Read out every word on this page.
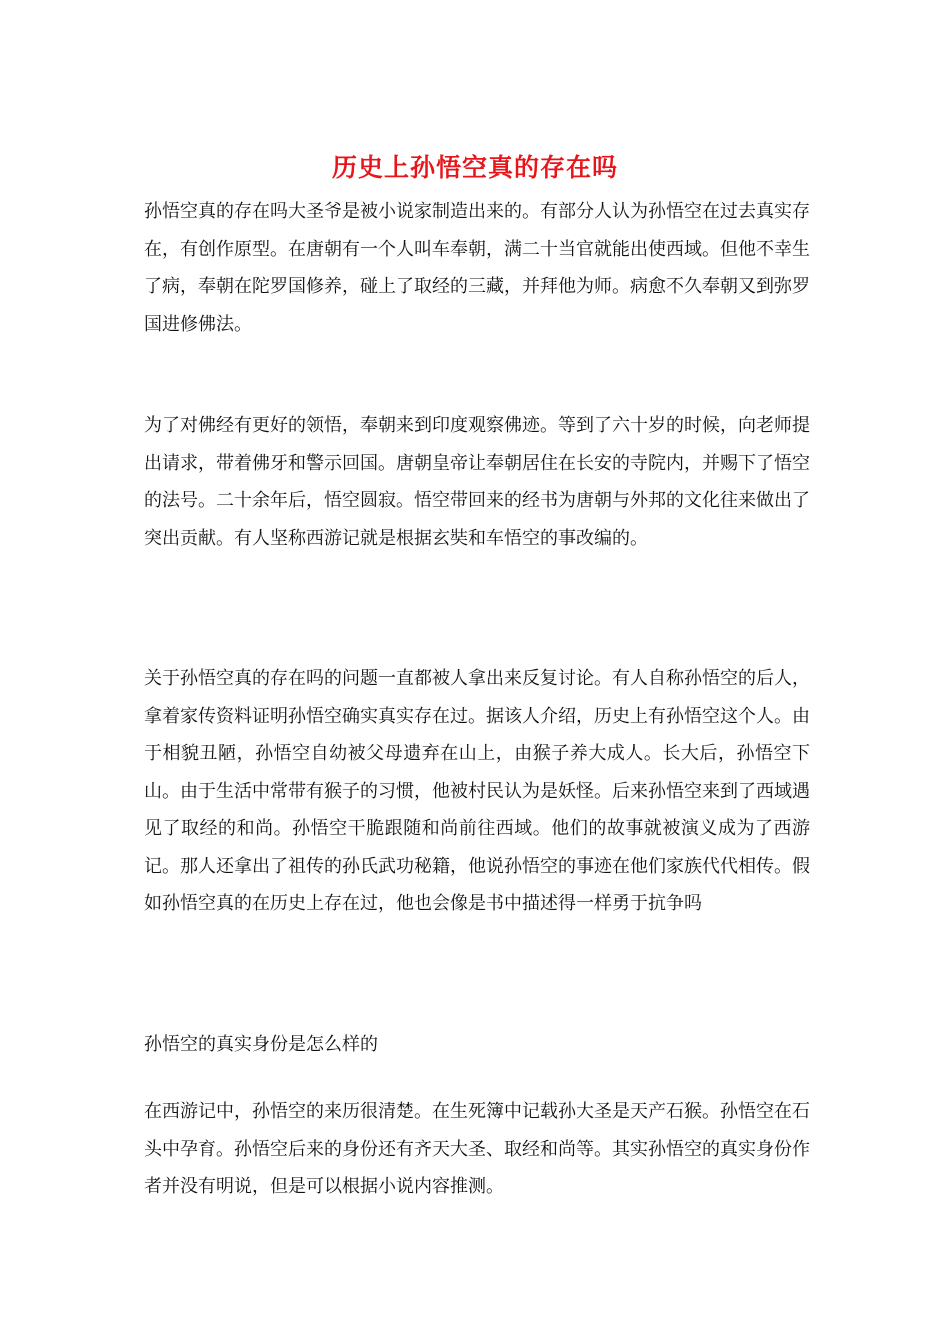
历史上孙悟空真的存在吗

孙悟空真的存在吗大圣爷是被小说家制造出来的。有部分人认为孙悟空在过去真实存在，有创作原型。在唐朝有一个人叫车奉朝，满二十当官就能出使西域。但他不幸生了病，奉朝在陀罗国修养，碰上了取经的三藏，并拜他为师。病愈不久奉朝又到弥罗国进修佛法。

为了对佛经有更好的领悟，奉朝来到印度观察佛迹。等到了六十岁的时候，向老师提出请求，带着佛牙和警示回国。唐朝皇帝让奉朝居住在长安的寺院内，并赐下了悟空的法号。二十余年后，悟空圆寂。悟空带回来的经书为唐朝与外邦的文化往来做出了突出贡献。有人坚称西游记就是根据玄奘和车悟空的事改编的。

关于孙悟空真的存在吗的问题一直都被人拿出来反复讨论。有人自称孙悟空的后人，拿着家传资料证明孙悟空确实真实存在过。据该人介绍，历史上有孙悟空这个人。由于相貌丑陋，孙悟空自幼被父母遗弃在山上，由猴子养大成人。长大后，孙悟空下山。由于生活中常带有猴子的习惯，他被村民认为是妖怪。后来孙悟空来到了西域遇见了取经的和尚。孙悟空干脆跟随和尚前往西域。他们的故事就被演义成为了西游记。那人还拿出了祖传的孙氏武功秘籍，他说孙悟空的事迹在他们家族代代相传。假如孙悟空真的在历史上存在过，他也会像是书中描述得一样勇于抗争吗

孙悟空的真实身份是怎么样的

在西游记中，孙悟空的来历很清楚。在生死簿中记载孙大圣是天产石猴。孙悟空在石头中孕育。孙悟空后来的身份还有齐天大圣、取经和尚等。其实孙悟空的真实身份作者并没有明说，但是可以根据小说内容推测。
